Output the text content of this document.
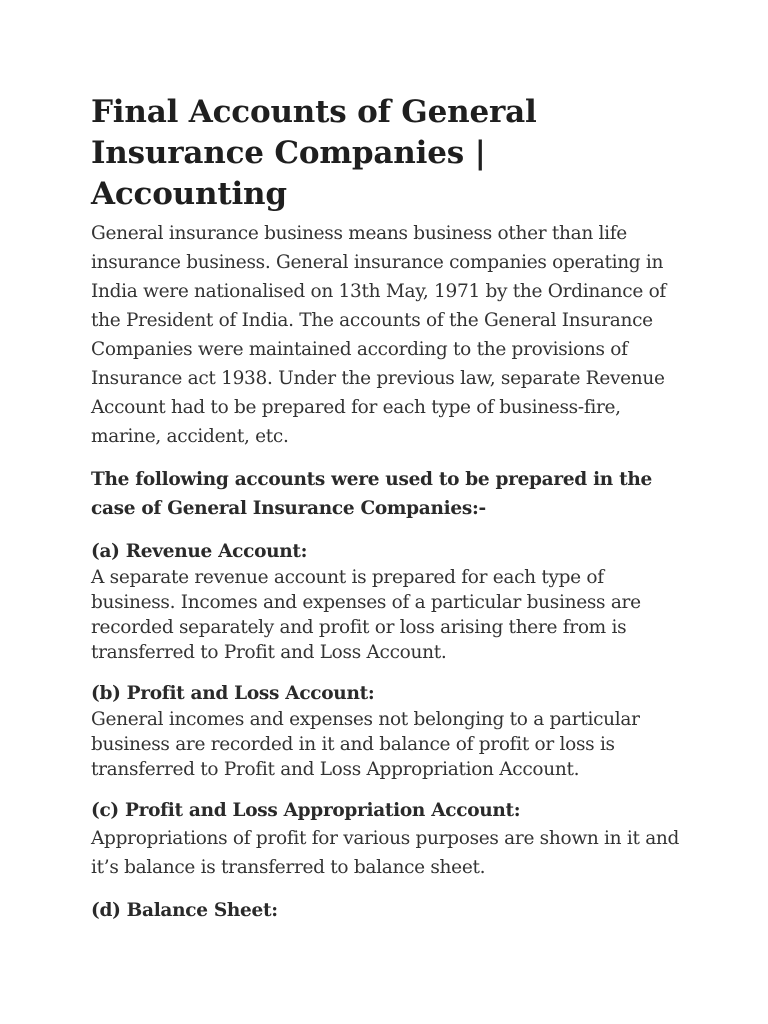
Final Accounts of General Insurance Companies | Accounting

General insurance business means business other than life insurance business. General insurance companies operating in India were nationalised on 13th May, 1971 by the Ordinance of the President of India. The accounts of the General Insurance Companies were maintained according to the provisions of Insurance act 1938. Under the previous law, separate Revenue Account had to be prepared for each type of business-fire, marine, accident, etc.

The following accounts were used to be prepared in the case of General Insurance Companies:-

(a) Revenue Account:

A separate revenue account is prepared for each type of business. Incomes and expenses of a particular business are recorded separately and profit or loss arising there from is transferred to Profit and Loss Account.

(b) Profit and Loss Account:

General incomes and expenses not belonging to a particular business are recorded in it and balance of profit or loss is transferred to Profit and Loss Appropriation Account.

(c) Profit and Loss Appropriation Account:

Appropriations of profit for various purposes are shown in it and it’s balance is transferred to balance sheet.

(d) Balance Sheet:
